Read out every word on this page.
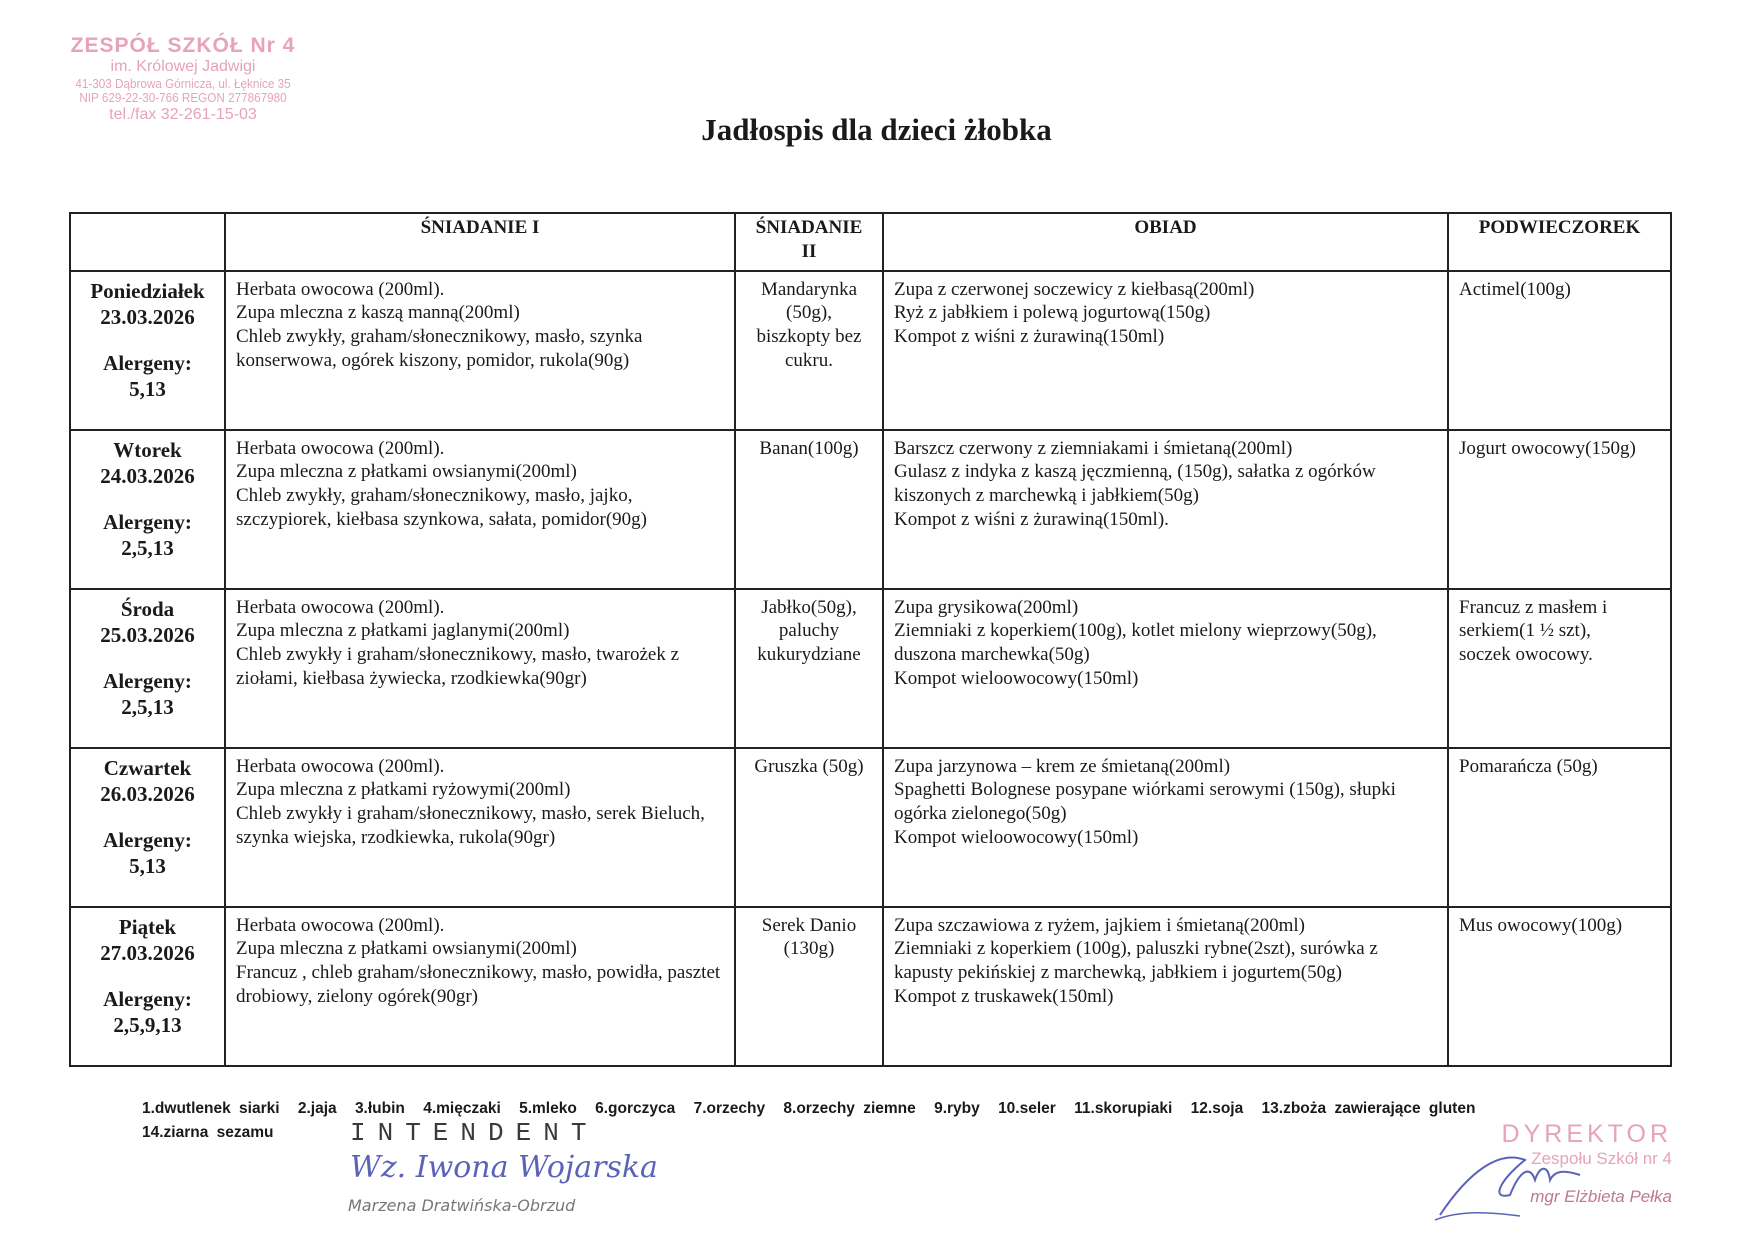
ZESPÓŁ SZKÓŁ Nr 4
im. Królowej Jadwigi
41-303 Dąbrowa Górnicza, ul. Łęknice 35
NIP 629-22-30-766 REGON 277867980
tel./fax 32-261-15-03	Jadłospis dla dzieci żłobka
	ŚNIADANIE I	ŚNIADANIE II	OBIAD	PODWIECZOREK

Poniedziałek
23.03.2026
Alergeny:
5,13	Herbata owocowa (200ml).
Zupa mleczna z kaszą manną(200ml)
Chleb zwykły, graham/słonecznikowy, masło, szynka konserwowa, ogórek kiszony, pomidor, rukola(90g)	Mandarynka (50g),
biszkopty bez cukru.	Zupa z czerwonej soczewicy z kiełbasą(200ml)
Ryż z jabłkiem i polewą jogurtową(150g)
Kompot z wiśni z żurawiną(150ml)	Actimel(100g)

Wtorek
24.03.2026
Alergeny:
2,5,13	Herbata owocowa (200ml).
Zupa mleczna z płatkami owsianymi(200ml)
Chleb zwykły, graham/słonecznikowy, masło, jajko, szczypiorek, kiełbasa szynkowa, sałata, pomidor(90g)	Banan(100g)	Barszcz czerwony z ziemniakami i śmietaną(200ml)
Gulasz z indyka z kaszą jęczmienną, (150g), sałatka z ogórków kiszonych z marchewką i jabłkiem(50g)
Kompot z wiśni z żurawiną(150ml).	Jogurt owocowy(150g)

Środa
25.03.2026
Alergeny:
2,5,13	Herbata owocowa (200ml).
Zupa mleczna z płatkami jaglanymi(200ml)
Chleb zwykły i graham/słonecznikowy, masło, twarożek z ziołami, kiełbasa żywiecka, rzodkiewka(90gr)	Jabłko(50g),
paluchy kukurydziane	Zupa grysikowa(200ml)
Ziemniaki z koperkiem(100g), kotlet mielony wieprzowy(50g), duszona marchewka(50g)
Kompot wieloowocowy(150ml)	Francuz z masłem i serkiem(1 ½ szt),
soczek owocowy.

Czwartek
26.03.2026
Alergeny:
5,13	Herbata owocowa (200ml).
Zupa mleczna z płatkami ryżowymi(200ml)
Chleb zwykły i graham/słonecznikowy, masło, serek Bieluch, szynka wiejska, rzodkiewka, rukola(90gr)	Gruszka (50g)	Zupa jarzynowa – krem ze śmietaną(200ml)
Spaghetti Bolognese posypane wiórkami serowymi (150g), słupki ogórka zielonego(50g)
Kompot wieloowocowy(150ml)	Pomarańcza (50g)

Piątek
27.03.2026
Alergeny:
2,5,9,13	Herbata owocowa (200ml).
Zupa mleczna z płatkami owsianymi(200ml)
Francuz , chleb graham/słonecznikowy, masło, powidła, pasztet drobiowy, zielony ogórek(90gr)	Serek Danio (130g)	Zupa szczawiowa z ryżem, jajkiem i śmietaną(200ml)
Ziemniaki z koperkiem (100g), paluszki rybne(2szt), surówka z kapusty pekińskiej z marchewką, jabłkiem i jogurtem(50g)
Kompot z truskawek(150ml)	Mus owocowy(100g)
1.dwutlenek siarki 2.jaja 3.łubin 4.mięczaki 5.mleko 6.gorczyca 7.orzechy 8.orzechy ziemne 9.ryby 10.seler 11.skorupiaki 12.soja 13.zboża zawierające gluten 14.ziarna sezamu	INTENDENT
Wz. Iwona Wojarska
Marzena Dratwińska-Obrzud
DYREKTOR
Zespołu Szkół nr 4
mgr Elżbieta Pełka
